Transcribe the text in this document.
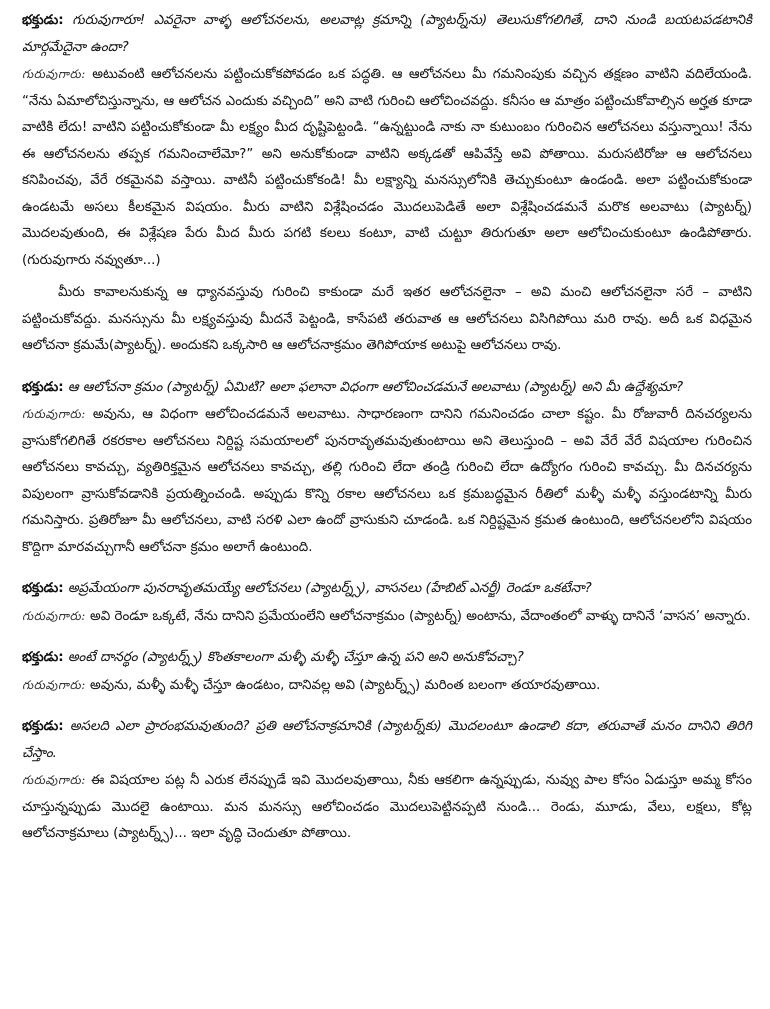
భక్తుడు: గురువుగారూ! ఎవరైనా వాళ్ళ ఆలోచనలను, అలవాట్ల క్రమాన్ని (ప్యాటర్న్‌ను) తెలుసుకోగలిగితే, దాని నుండి బయటపడటానికి మార్గమేదైనా ఉందా?

గురువుగారు: అటువంటి ఆలోచనలను పట్టించుకోకపోవడం ఒక పద్ధతి. ఆ ఆలోచనలు మీ గమనింపుకు వచ్చిన తక్షణం వాటిని వదిలేయండి. “నేను ఏమాలోచిస్తున్నాను, ఆ ఆలోచన ఎందుకు వచ్చింది” అని వాటి గురించి ఆలోచించవద్దు. కనీసం ఆ మాత్రం పట్టించుకోవాల్సిన అర్హత కూడా వాటికి లేదు! వాటిని పట్టించుకోకుండా మీ లక్ష్యం మీద దృష్టిపెట్టండి. “ఉన్నట్టుండి నాకు నా కుటుంబం గురించిన ఆలోచనలు వస్తున్నాయి! నేను ఈ ఆలోచనలను తప్పక గమనించాలేమో?” అని అనుకోకుండా వాటిని అక్కడతో ఆపివేస్తే అవి పోతాయి. మరుసటిరోజు ఆ ఆలోచనలు కనిపించవు, వేరే రకమైనవి వస్తాయి. వాటినీ పట్టించుకోకండి! మీ లక్ష్యాన్ని మనస్సులోనికి తెచ్చుకుంటూ ఉండండి. అలా పట్టించుకోకుండా ఉండటమే అసలు కీలకమైన విషయం. మీరు వాటిని విశ్లేషించడం మొదలుపెడితే అలా విశ్లేషించడమనే మరొక అలవాటు (ప్యాటర్న్) మొదలవుతుంది, ఈ విశ్లేషణ పేరు మీద మీరు పగటి కలలు కంటూ, వాటి చుట్టూ తిరుగుతూ అలా ఆలోచించుకుంటూ ఉండిపోతారు. (గురువుగారు నవ్వుతూ...)

మీరు కావాలనుకున్న ఆ ధ్యానవస్తువు గురించి కాకుండా మరే ఇతర ఆలోచనలైనా – అవి మంచి ఆలోచనలైనా సరే – వాటిని పట్టించుకోవద్దు. మనస్సును మీ లక్ష్యవస్తువు మీదనే పెట్టండి, కాసేపటి తరువాత ఆ ఆలోచనలు విసిగిపోయి మరి రావు. అదీ ఒక విధమైన ఆలోచనా క్రమమే(ప్యాటర్న్). అందుకని ఒక్కసారి ఆ ఆలోచనాక్రమం తెగిపోయాక అటుపై ఆలోచనలు రావు.

భక్తుడు: ఆ ఆలోచనా క్రమం (ప్యాటర్న్) ఏమిటి? అలా ఫలానా విధంగా ఆలోచించడమనే అలవాటు (ప్యాటర్న్) అని మీ ఉద్దేశ్యమా?

గురువుగారు: అవును, ఆ విధంగా ఆలోచించడమనే అలవాటు. సాధారణంగా దానిని గమనించడం చాలా కష్టం. మీ రోజువారీ దినచర్యలను వ్రాసుకోగలిగితే రకరకాల ఆలోచనలు నిర్దిష్ట సమయాలలో పునరావృతమవుతుంటాయి అని తెలుస్తుంది – అవి వేరే వేరే విషయాల గురించిన ఆలోచనలు కావచ్చు, వ్యతిరిక్తమైన ఆలోచనలు కావచ్చు, తల్లి గురించి లేదా తండ్రి గురించి లేదా ఉద్యోగం గురించి కావచ్చు. మీ దినచర్యను విపులంగా వ్రాసుకోవడానికి ప్రయత్నించండి. అప్పుడు కొన్ని రకాల ఆలోచనలు ఒక క్రమబద్ధమైన రీతిలో మళ్ళీ మళ్ళీ వస్తుండటాన్ని మీరు గమనిస్తారు. ప్రతిరోజూ మీ ఆలోచనలు, వాటి సరళి ఎలా ఉందో వ్రాసుకుని చూడండి. ఒక నిర్దిష్టమైన క్రమత ఉంటుంది, ఆలోచనలలోని విషయం కొద్దిగా మారవచ్చుగానీ ఆలోచనా క్రమం అలాగే ఉంటుంది.

భక్తుడు: అప్రమేయంగా పునరావృతమయ్యే ఆలోచనలు (ప్యాటర్న్స్), వాసనలు (హేబిట్ ఎనర్జీ) రెండూ ఒకటేనా?

గురువుగారు: అవి రెండూ ఒక్కటే, నేను దానిని ప్రమేయంలేని ఆలోచనాక్రమం (ప్యాటర్న్) అంటాను, వేదాంతంలో వాళ్ళు దానినే ‘వాసన’ అన్నారు.

భక్తుడు: అంటే దానర్థం (ప్యాటర్న్స్) కొంతకాలంగా మళ్ళీ మళ్ళీ చేస్తూ ఉన్న పని అని అనుకోవచ్చా?

గురువుగారు: అవును, మళ్ళీ మళ్ళీ చేస్తూ ఉండటం, దానివల్ల అవి (ప్యాటర్న్స్) మరింత బలంగా తయారవుతాయి.

భక్తుడు: అసలది ఎలా ప్రారంభమవుతుంది? ప్రతి ఆలోచనాక్రమానికి (ప్యాటర్న్‌కు) మొదలంటూ ఉండాలి కదా, తరువాతే మనం దానిని తిరిగి చేస్తాం.

గురువుగారు: ఈ విషయాల పట్ల నీ ఎరుక లేనప్పుడే ఇవి మొదలవుతాయి, నీకు ఆకలిగా ఉన్నప్పుడు, నువ్వు పాల కోసం ఏడుస్తూ అమ్మ కోసం చూస్తున్నప్పుడు మొదలై ఉంటాయి. మన మనస్సు ఆలోచించడం మొదలుపెట్టినప్పటి నుండి... రెండు, మూడు, వేలు, లక్షలు, కోట్ల ఆలోచనాక్రమాలు (ప్యాటర్న్స్)... ఇలా వృద్ధి చెందుతూ పోతాయి.
